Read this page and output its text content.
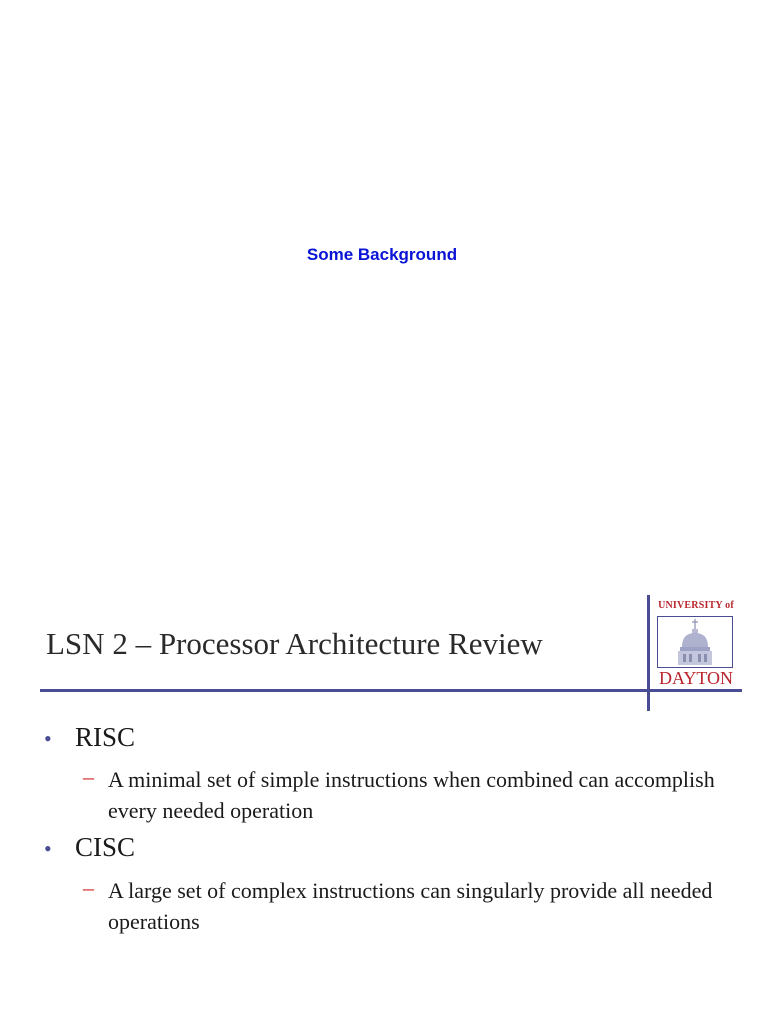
Some Background
LSN 2 – Processor Architecture Review
UNIVERSITY of
DAYTON
• RISC
– A minimal set of simple instructions when combined can accomplish every needed operation
• CISC
– A large set of complex instructions can singularly provide all needed operations
